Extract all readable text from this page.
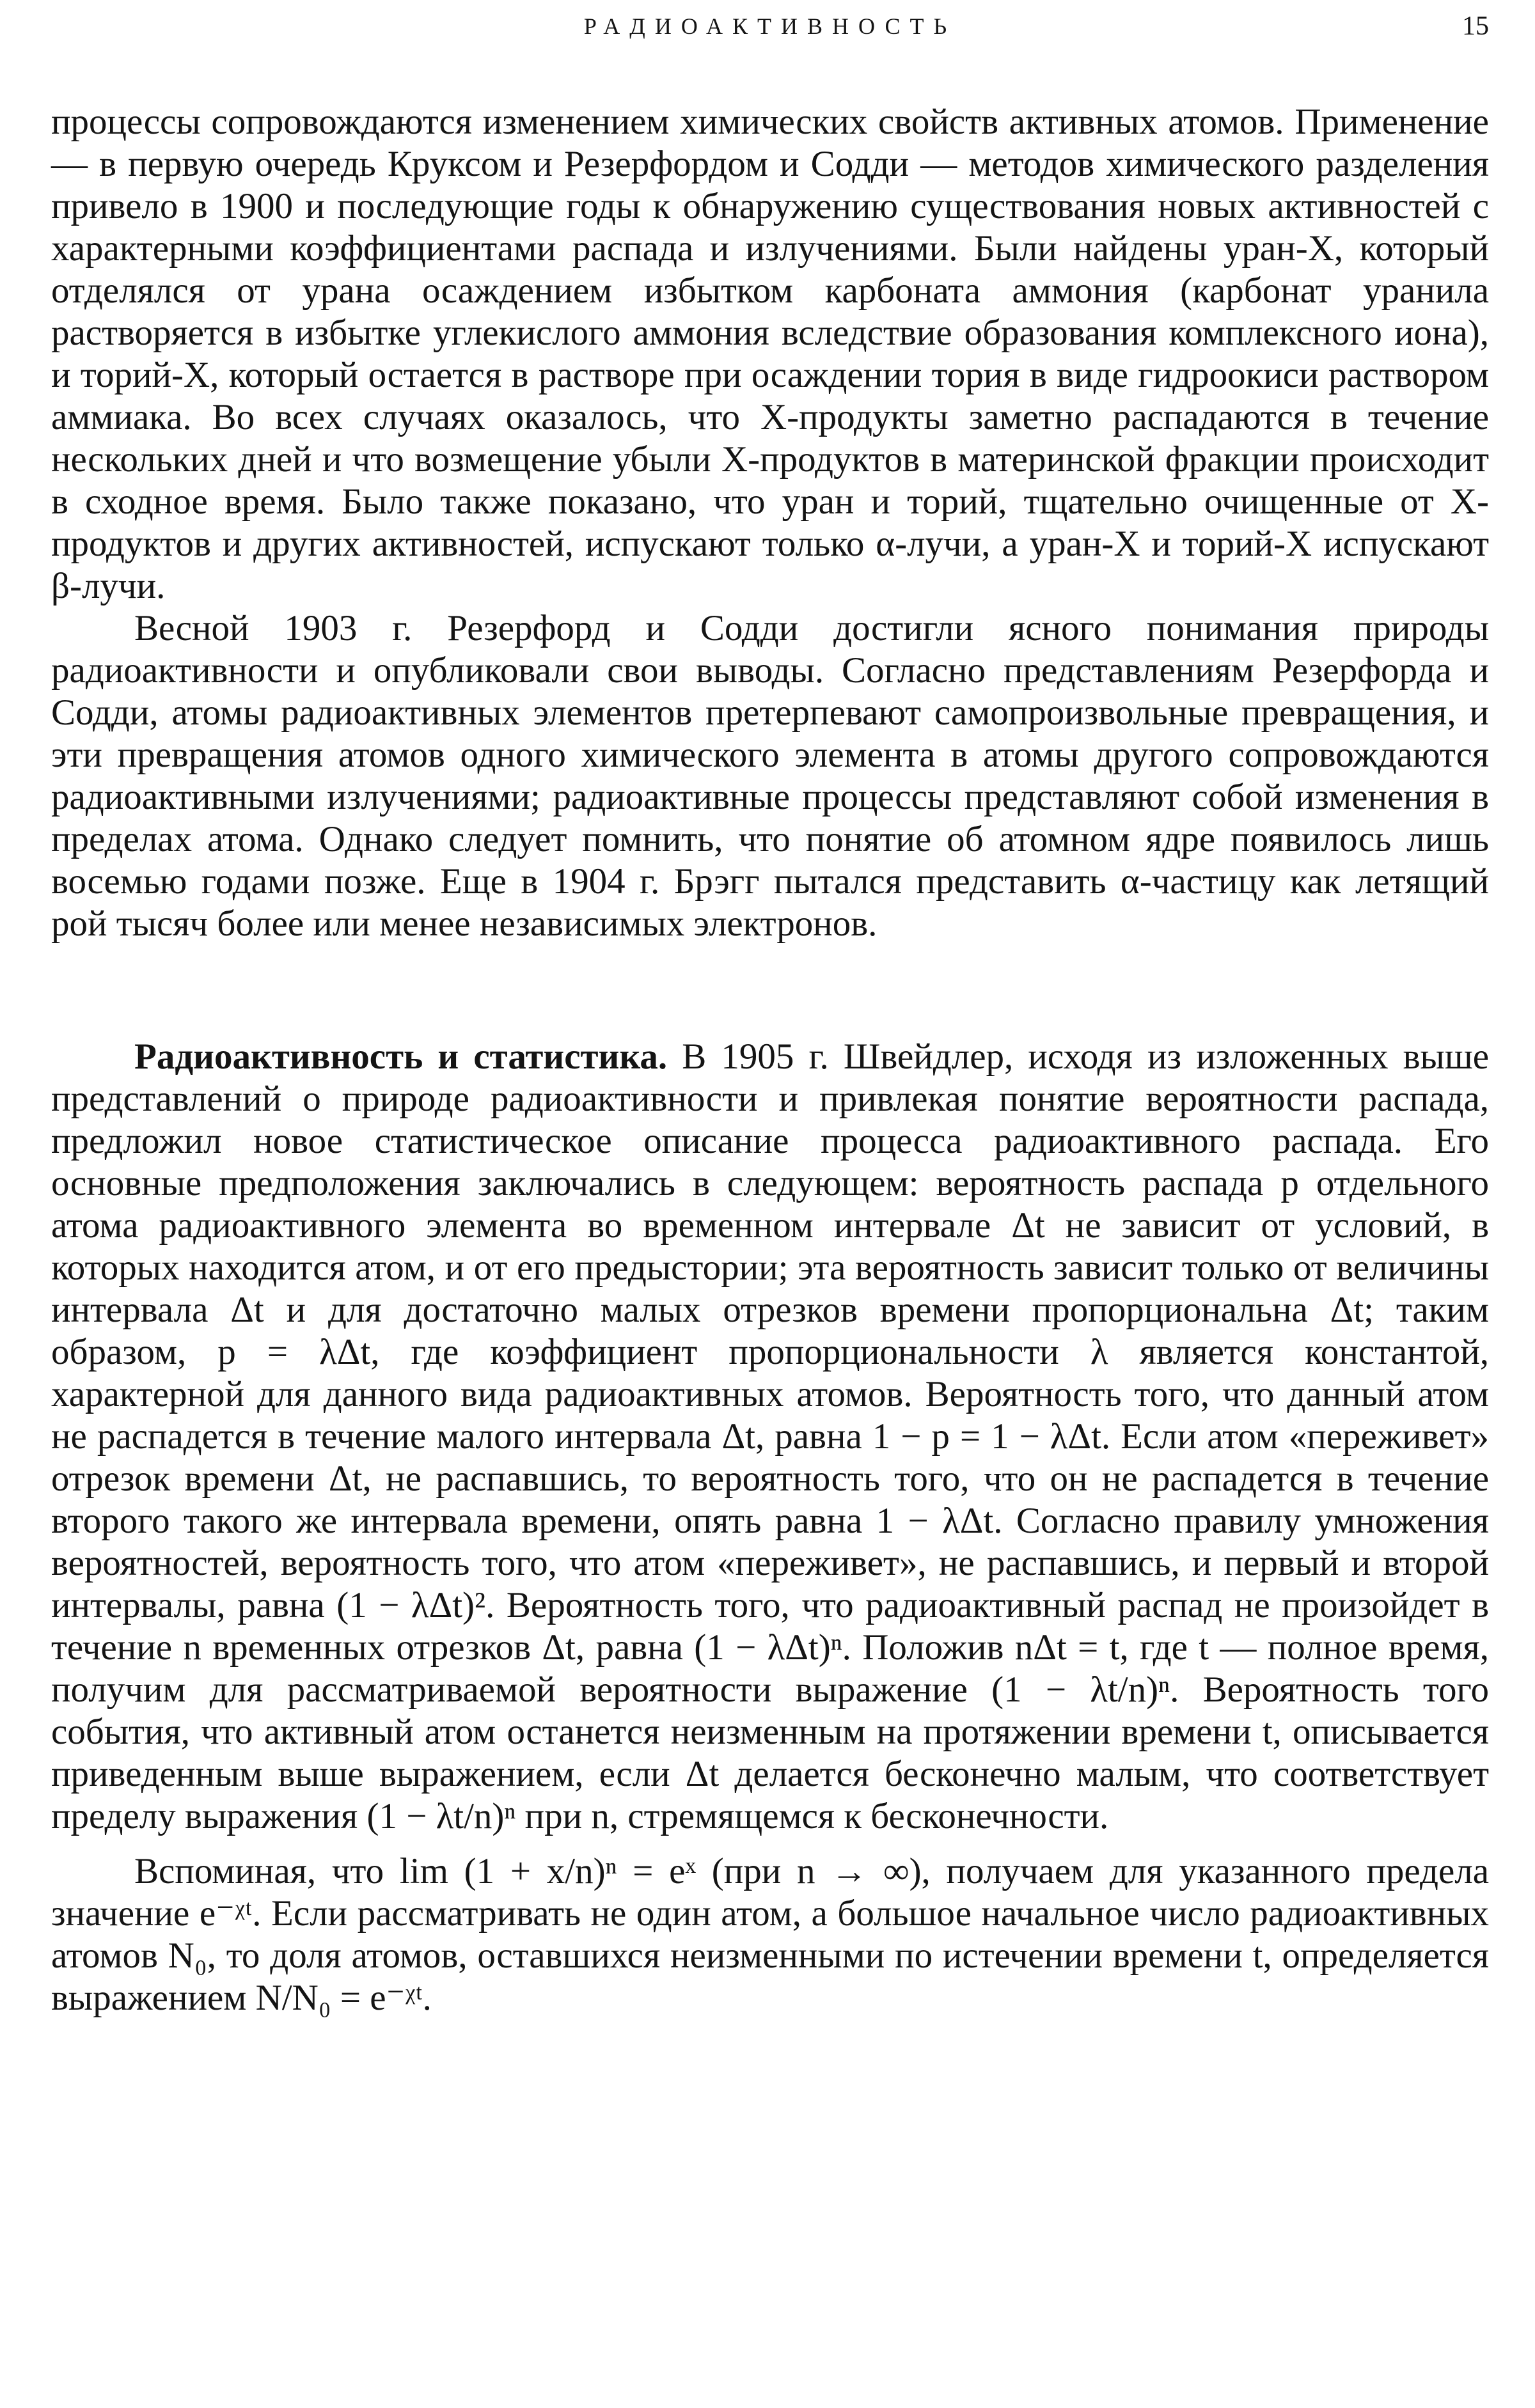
РАДИОАКТИВНОСТЬ	15

процессы сопровождаются изменением химических свойств активных атомов. Применение — в первую очередь Круксом и Резерфордом и Содди — методов химического разделения привело в 1900 и последующие годы к обнаружению существования новых активностей с характерными коэффициентами распада и излучениями. Были найдены уран-X, который отделялся от урана осаждением избытком карбоната аммония (карбонат уранила растворяется в избытке углекислого аммония вследствие образования комплексного иона), и торий-X, который остается в растворе при осаждении тория в виде гидроокиси раствором аммиака. Во всех случаях оказалось, что X-продукты заметно распадаются в течение нескольких дней и что возмещение убыли X-продуктов в материнской фракции происходит в сходное время. Было также показано, что уран и торий, тщательно очищенные от X-продуктов и других активностей, испускают только α-лучи, а уран-X и торий-X испускают β-лучи.

Весной 1903 г. Резерфорд и Содди достигли ясного понимания природы радиоактивности и опубликовали свои выводы. Согласно представлениям Резерфорда и Содди, атомы радиоактивных элементов претерпевают самопроизвольные превращения, и эти превращения атомов одного химического элемента в атомы другого сопровождаются радиоактивными излучениями; радиоактивные процессы представляют собой изменения в пределах атома. Однако следует помнить, что понятие об атомном ядре появилось лишь восемью годами позже. Еще в 1904 г. Брэгг пытался представить α-частицу как летящий рой тысяч более или менее независимых электронов.

Радиоактивность и статистика. В 1905 г. Швейдлер, исходя из изложенных выше представлений о природе радиоактивности и привлекая понятие вероятности распада, предложил новое статистическое описание процесса радиоактивного распада. Его основные предположения заключались в следующем: вероятность распада p отдельного атома радиоактивного элемента во временном интервале Δt не зависит от условий, в которых находится атом, и от его предыстории; эта вероятность зависит только от величины интервала Δt и для достаточно малых отрезков времени пропорциональна Δt; таким образом, p = λΔt, где коэффициент пропорциональности λ является константой, характерной для данного вида радиоактивных атомов. Вероятность того, что данный атом не распадется в течение малого интервала Δt, равна 1 − p = 1 − λΔt. Если атом «переживет» отрезок времени Δt, не распавшись, то вероятность того, что он не распадется в течение второго такого же интервала времени, опять равна 1 − λΔt. Согласно правилу умножения вероятностей, вероятность того, что атом «переживет», не распавшись, и первый и второй интервалы, равна (1 − λΔt)². Вероятность того, что радиоактивный распад не произойдет в течение n временных отрезков Δt, равна (1 − λΔt)ⁿ. Положив nΔt = t, где t — полное время, получим для рассматриваемой вероятности выражение (1 − λt/n)ⁿ. Вероятность того события, что активный атом останется неизменным на протяжении времени t, описывается приведенным выше выражением, если Δt делается бесконечно малым, что соответствует пределу выражения (1 − λt/n)ⁿ при n, стремящемся к бесконечности.

Вспоминая, что lim (1 + x/n)ⁿ = eˣ (при n → ∞), получаем для указанного предела значение e⁻ᵡᵗ. Если рассматривать не один атом, а большое начальное число радиоактивных атомов N₀, то доля атомов, оставшихся неизменными по истечении времени t, определяется выражением N/N₀ = e⁻ᵡᵗ.
